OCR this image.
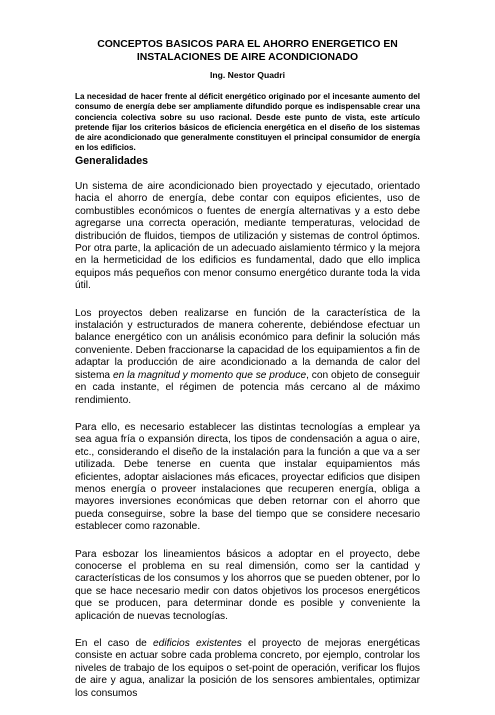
CONCEPTOS BASICOS PARA EL AHORRO ENERGETICO EN INSTALACIONES DE AIRE ACONDICIONADO
Ing. Nestor Quadri
La necesidad de hacer frente al déficit energético originado por el incesante aumento del consumo de energía debe ser ampliamente difundido porque es indispensable crear una conciencia colectiva sobre su uso racional. Desde este punto de vista, este artículo pretende fijar los criterios básicos de eficiencia energética en el diseño de los sistemas de aire acondicionado que generalmente constituyen el principal consumidor de energía en los edificios.
Generalidades

Un sistema de aire acondicionado bien proyectado y ejecutado, orientado hacia el ahorro de energía, debe contar con equipos eficientes, uso de combustibles económicos o fuentes de energía alternativas y a esto debe agregarse una correcta operación, mediante temperaturas, velocidad de distribución de fluidos, tiempos de utilización y sistemas de control óptimos. Por otra parte, la aplicación de un adecuado aislamiento térmico y la mejora en la hermeticidad de los edificios es fundamental, dado que ello implica equipos más pequeños con menor consumo energético durante toda la vida útil.

Los proyectos deben realizarse en función de la característica de la instalación y estructurados de manera coherente, debiéndose efectuar un balance energético con un análisis económico para definir la solución más conveniente. Deben fraccionarse la capacidad de los equipamientos a fin de adaptar la producción de aire acondicionado a la demanda de calor del sistema en la magnitud y momento que se produce, con objeto de conseguir en cada instante, el régimen de potencia más cercano al de máximo rendimiento.

Para ello, es necesario establecer las distintas tecnologías a emplear ya sea agua fría o expansión directa, los tipos de condensación a agua o aire, etc., considerando el diseño de la instalación para la función a que va a ser utilizada. Debe tenerse en cuenta que instalar equipamientos más eficientes, adoptar aislaciones más eficaces, proyectar edificios que disipen menos energía o proveer instalaciones que recuperen energía, obliga a mayores inversiones económicas que deben retornar con el ahorro que pueda conseguirse, sobre la base del tiempo que se considere necesario establecer como razonable.

Para esbozar los lineamientos básicos a adoptar en el proyecto, debe conocerse el problema en su real dimensión, como ser la cantidad y características de los consumos y los ahorros que se pueden obtener, por lo que se hace necesario medir con datos objetivos los procesos energéticos que se producen, para determinar donde es posible y conveniente la aplicación de nuevas tecnologías.

En el caso de edificios existentes el proyecto de mejoras energéticas consiste en actuar sobre cada problema concreto, por ejemplo, controlar los niveles de trabajo de los equipos o set-point de operación, verificar los flujos de aire y agua, analizar la posición de los sensores ambientales, optimizar los consumos
